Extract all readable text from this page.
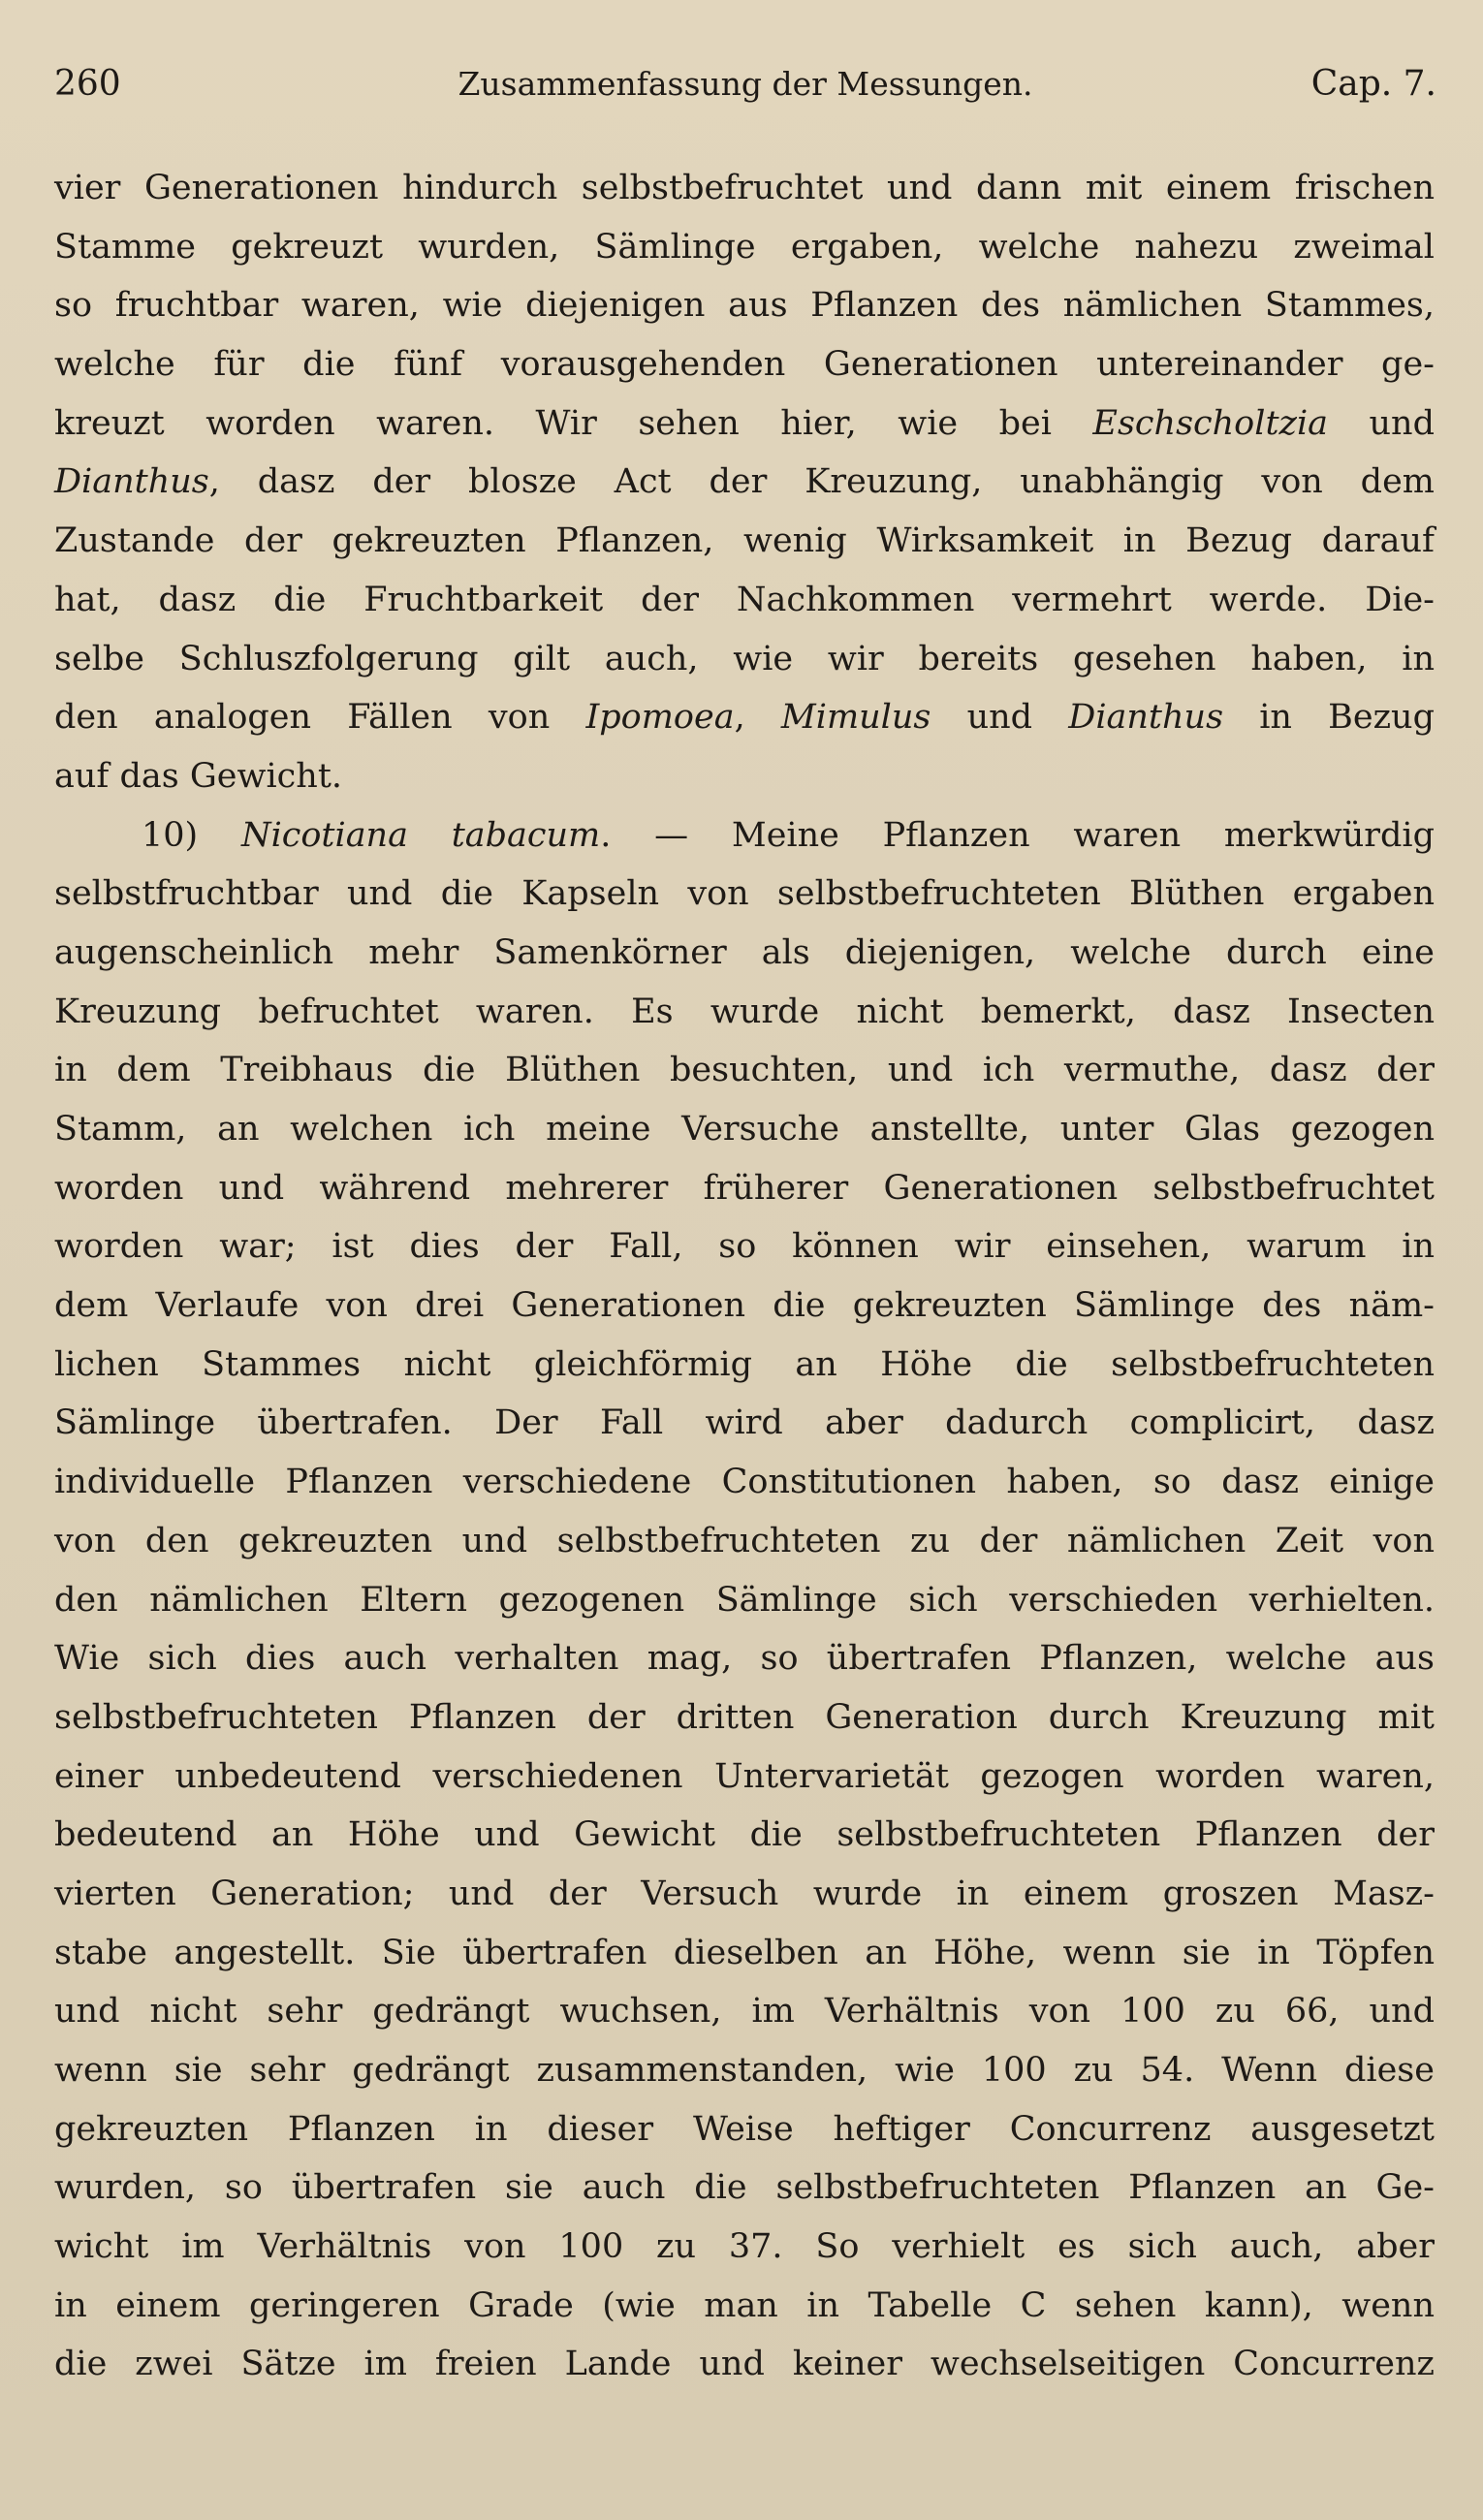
260	Zusammenfassung der Messungen.	Cap. 7.
vier Generationen hindurch selbstbefruchtet und dann mit einem frischen
Stamme gekreuzt wurden, Sämlinge ergaben, welche nahezu zweimal
so fruchtbar waren, wie diejenigen aus Pflanzen des nämlichen Stammes,
welche für die fünf vorausgehenden Generationen untereinander ge-
kreuzt worden waren. Wir sehen hier, wie bei Eschscholtzia und
Dianthus, dasz der blosze Act der Kreuzung, unabhängig von dem
Zustande der gekreuzten Pflanzen, wenig Wirksamkeit in Bezug darauf
hat, dasz die Fruchtbarkeit der Nachkommen vermehrt werde. Die-
selbe Schluszfolgerung gilt auch, wie wir bereits gesehen haben, in
den analogen Fällen von Ipomoea, Mimulus und Dianthus in Bezug
auf das Gewicht.
10) Nicotiana tabacum. — Meine Pflanzen waren merkwürdig
selbstfruchtbar und die Kapseln von selbstbefruchteten Blüthen ergaben
augenscheinlich mehr Samenkörner als diejenigen, welche durch eine
Kreuzung befruchtet waren. Es wurde nicht bemerkt, dasz Insecten
in dem Treibhaus die Blüthen besuchten, und ich vermuthe, dasz der
Stamm, an welchen ich meine Versuche anstellte, unter Glas gezogen
worden und während mehrerer früherer Generationen selbstbefruchtet
worden war; ist dies der Fall, so können wir einsehen, warum in
dem Verlaufe von drei Generationen die gekreuzten Sämlinge des näm-
lichen Stammes nicht gleichförmig an Höhe die selbstbefruchteten
Sämlinge übertrafen. Der Fall wird aber dadurch complicirt, dasz
individuelle Pflanzen verschiedene Constitutionen haben, so dasz einige
von den gekreuzten und selbstbefruchteten zu der nämlichen Zeit von
den nämlichen Eltern gezogenen Sämlinge sich verschieden verhielten.
Wie sich dies auch verhalten mag, so übertrafen Pflanzen, welche aus
selbstbefruchteten Pflanzen der dritten Generation durch Kreuzung mit
einer unbedeutend verschiedenen Untervarietät gezogen worden waren,
bedeutend an Höhe und Gewicht die selbstbefruchteten Pflanzen der
vierten Generation; und der Versuch wurde in einem groszen Masz-
stabe angestellt. Sie übertrafen dieselben an Höhe, wenn sie in Töpfen
und nicht sehr gedrängt wuchsen, im Verhältnis von 100 zu 66, und
wenn sie sehr gedrängt zusammenstanden, wie 100 zu 54. Wenn diese
gekreuzten Pflanzen in dieser Weise heftiger Concurrenz ausgesetzt
wurden, so übertrafen sie auch die selbstbefruchteten Pflanzen an Ge-
wicht im Verhältnis von 100 zu 37. So verhielt es sich auch, aber
in einem geringeren Grade (wie man in Tabelle C sehen kann), wenn
die zwei Sätze im freien Lande und keiner wechselseitigen Concurrenz
